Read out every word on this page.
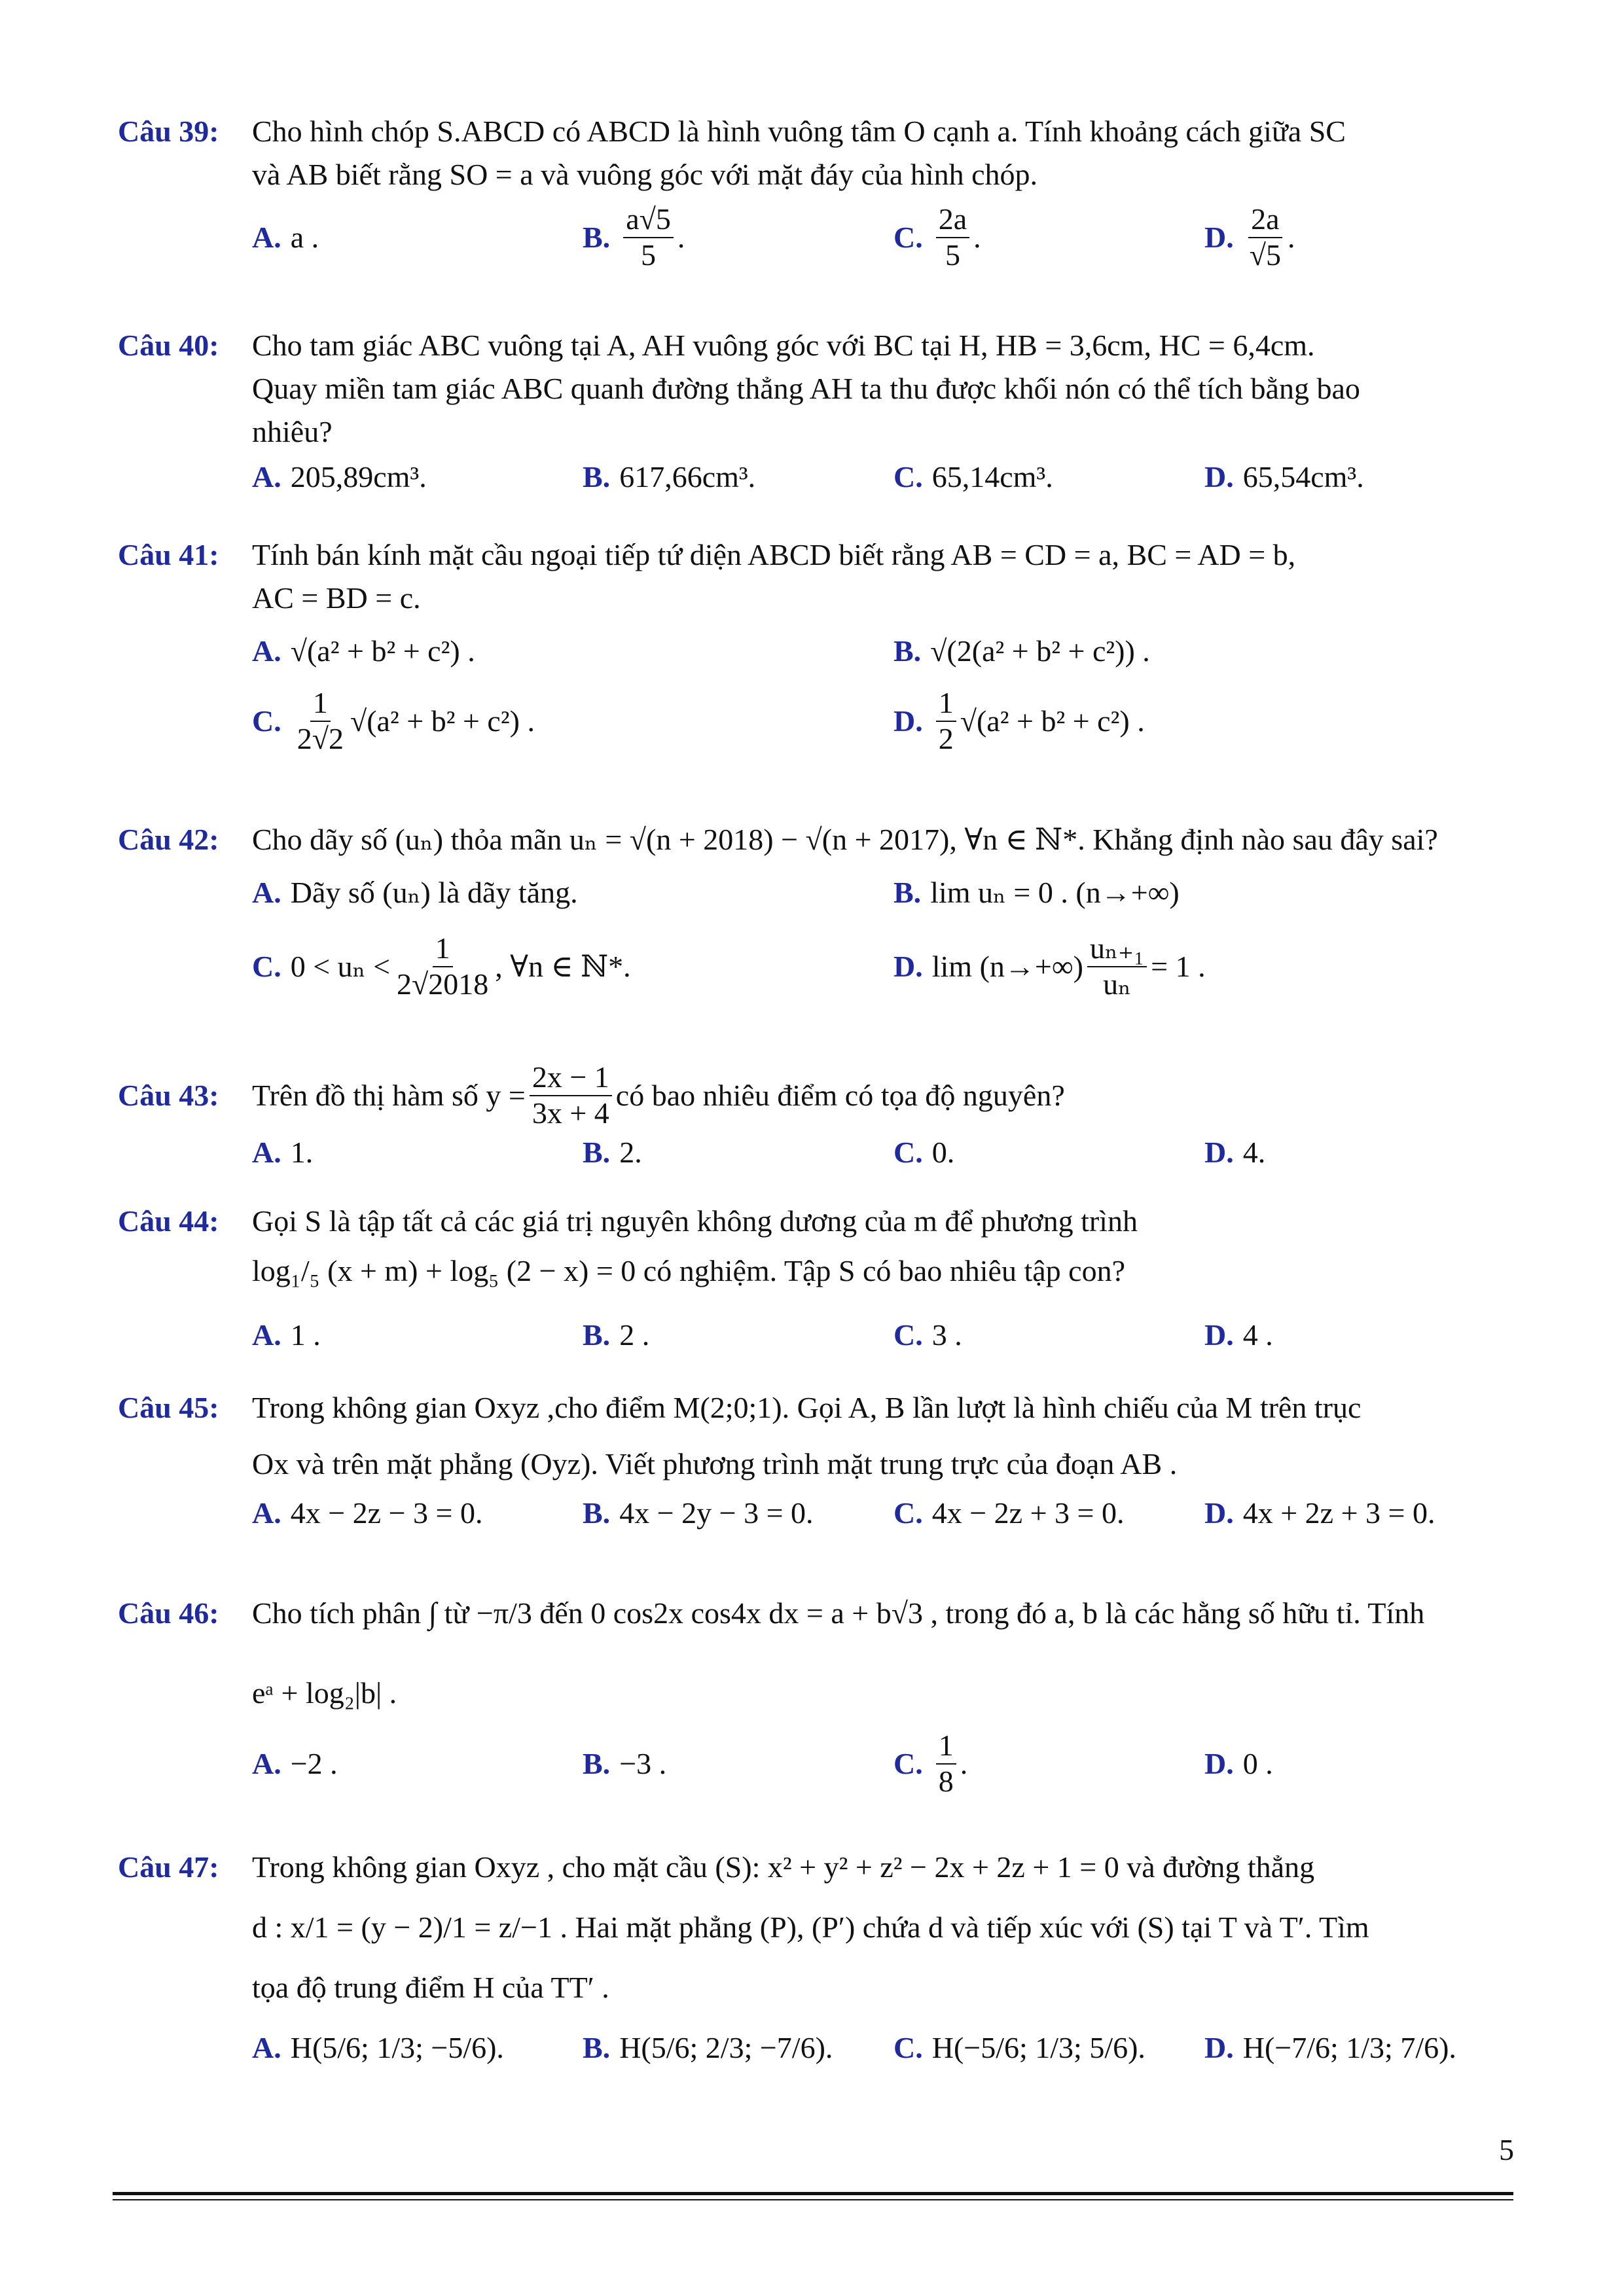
Câu 39:	Cho hình chóp S.ABCD có ABCD là hình vuông tâm O cạnh a. Tính khoảng cách giữa SC
và AB biết rằng SO = a và vuông góc với mặt đáy của hình chóp.
A. a .	B. $\frac{a√5}{5}$ .	C. $\frac{2a}{5}$ .	D. $\frac{2a}{√5}$ .
Câu 40:	Cho tam giác ABC vuông tại A, AH vuông góc với BC tại H, HB = 3,6cm, HC = 6,4cm.
Quay miền tam giác ABC quanh đường thẳng AH ta thu được khối nón có thể tích bằng bao
nhiêu?
A. 205,89cm³.	B. 617,66cm³.	C. 65,14cm³.	D. 65,54cm³.
Câu 41:	Tính bán kính mặt cầu ngoại tiếp tứ diện ABCD biết rằng AB = CD = a, BC = AD = b,
AC = BD = c.
A. √(a² + b² + c²) .	B. √(2(a² + b² + c²)) .
C. $\frac{1}{2√2} √(a^2 + b^2 + c^2)$ .	D. $\frac{1}{2} √(a^2 + b^2 + c^2)$ .
Câu 42:	Cho dãy số (uₙ) thỏa mãn uₙ = √(n + 2018) − √(n + 2017), ∀n ∈ ℕ*. Khẳng định nào sau đây sai?
A. Dãy số (uₙ) là dãy tăng.	B. lim uₙ = 0 . (n→+∞)
C. $0 < u_n < \frac{1}{2√2018}$ , ∀n ∈ ℕ*.	D. $\lim (n\to+\infty) \frac{\text{uₙ₊₁}}{\text{uₙ}} = 1$ .
Câu 43:	Trên đồ thị hàm số $y = \frac{2x - 1}{3x + 4}$ có bao nhiêu điểm có tọa độ nguyên?
A. 1.	B. 2.	C. 0.	D. 4.
Câu 44:	Gọi S là tập tất cả các giá trị nguyên không dương của m để phương trình
log₁/₅ (x + m) + log₅ (2 − x) = 0 có nghiệm. Tập S có bao nhiêu tập con?
A. 1 .	B. 2 .	C. 3 .	D. 4 .
Câu 45:	Trong không gian Oxyz ,cho điểm M(2;0;1). Gọi A, B lần lượt là hình chiếu của M trên trục
Ox và trên mặt phẳng (Oyz). Viết phương trình mặt trung trực của đoạn AB .
A. 4x − 2z − 3 = 0.	B. 4x − 2y − 3 = 0.	C. 4x − 2z + 3 = 0.	D. 4x + 2z + 3 = 0.
Câu 46:	Cho tích phân ∫ từ −π/3 đến 0 cos2x cos4x dx = a + b√3 , trong đó a, b là các hằng số hữu tỉ. Tính
eᵃ + log₂|b| .
A. −2 .	B. −3 .	C. $\frac{1}{8}$ .	D. 0 .
Câu 47:	Trong không gian Oxyz , cho mặt cầu (S): x² + y² + z² − 2x + 2z + 1 = 0 và đường thẳng
d : x/1 = (y − 2)/1 = z/−1 . Hai mặt phẳng (P), (P′) chứa d và tiếp xúc với (S) tại T và T′. Tìm
tọa độ trung điểm H của TT′ .
A. H(5/6; 1/3; −5/6).	B. H(5/6; 2/3; −7/6). C. H(−5/6; 1/3; 5/6). D. H(−7/6; 1/3; 7/6).
5
